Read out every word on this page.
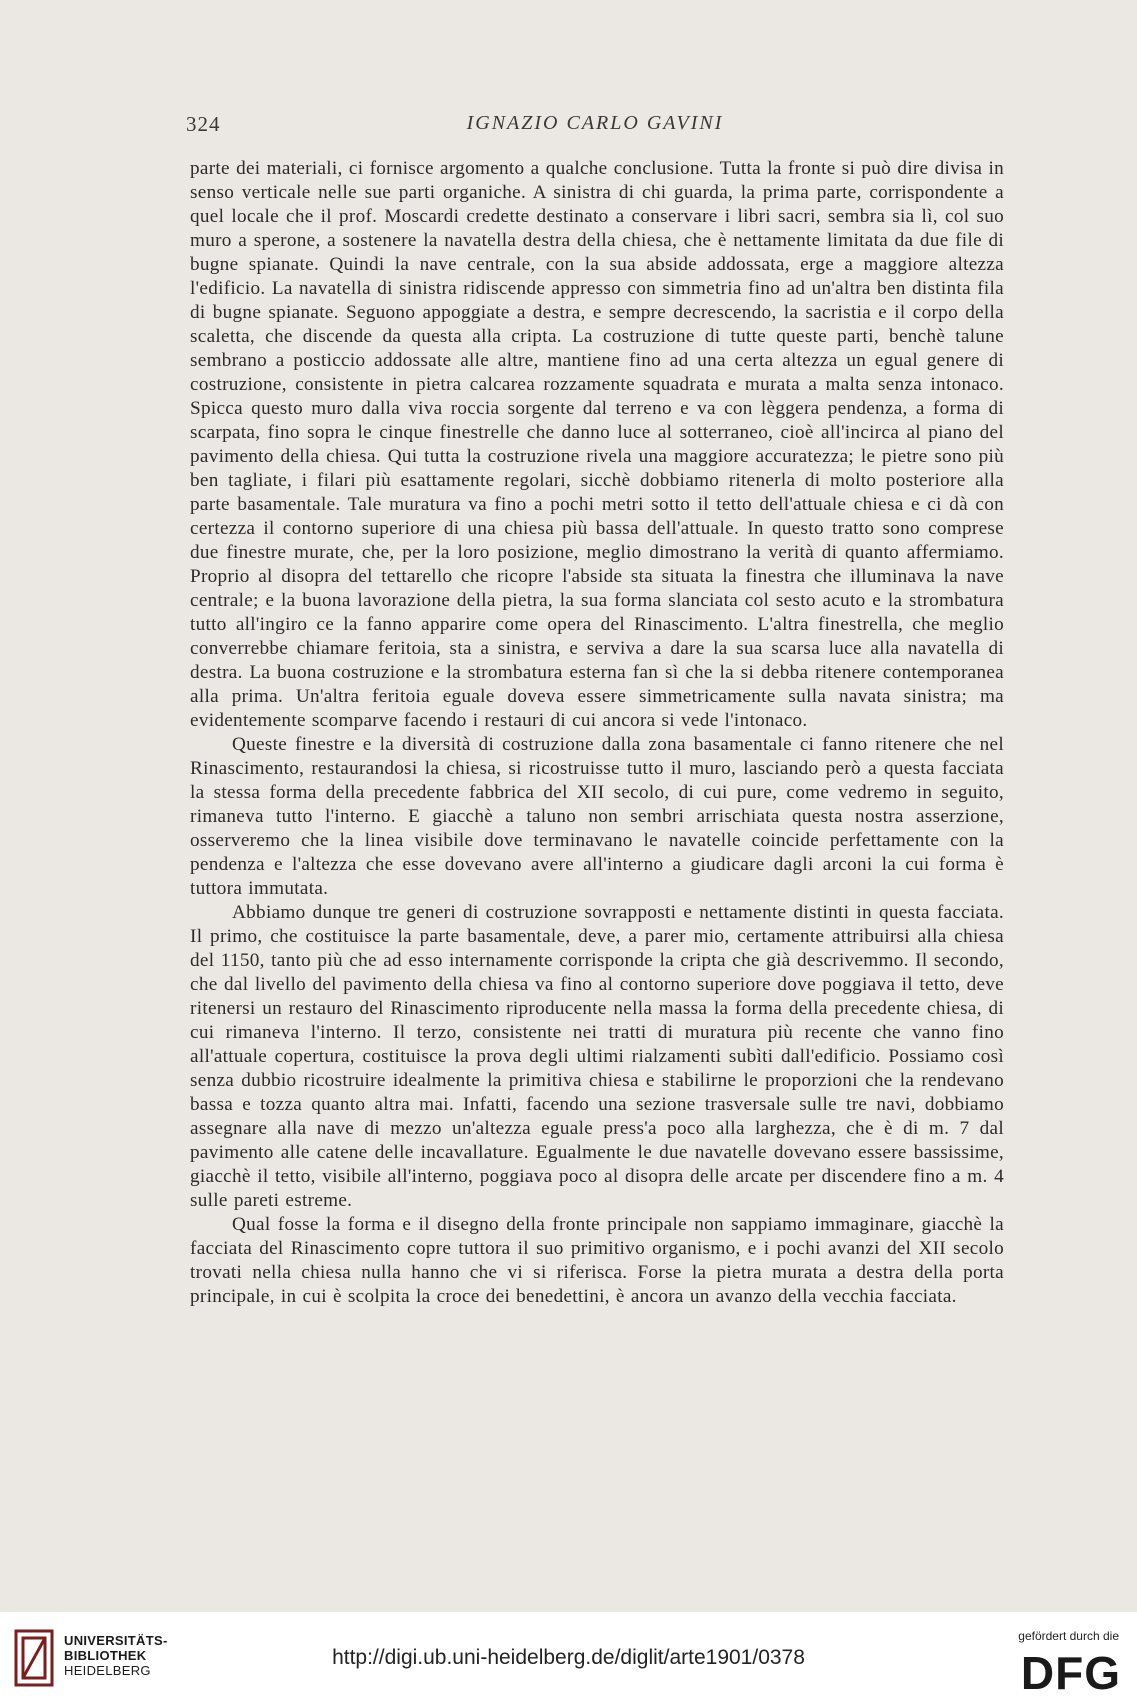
324	IGNAZIO CARLO GAVINI

parte dei materiali, ci fornisce argomento a qualche conclusione. Tutta la fronte si può dire divisa in senso verticale nelle sue parti organiche. A sinistra di chi guarda, la prima parte, corrispondente a quel locale che il prof. Moscardi credette destinato a conservare i libri sacri, sembra sia lì, col suo muro a sperone, a sostenere la navatella destra della chiesa, che è nettamente limitata da due file di bugne spianate. Quindi la nave centrale, con la sua abside addossata, erge a maggiore altezza l'edificio. La navatella di sinistra ridiscende appresso con simmetria fino ad un'altra ben distinta fila di bugne spianate. Seguono appoggiate a destra, e sempre decrescendo, la sacristia e il corpo della scaletta, che discende da questa alla cripta. La costruzione di tutte queste parti, benchè talune sembrano a posticcio addossate alle altre, mantiene fino ad una certa altezza un egual genere di costruzione, consistente in pietra calcarea rozzamente squadrata e murata a malta senza intonaco. Spicca questo muro dalla viva roccia sorgente dal terreno e va con lèggera pendenza, a forma di scarpata, fino sopra le cinque finestrelle che danno luce al sotterraneo, cioè all'incirca al piano del pavimento della chiesa. Qui tutta la costruzione rivela una maggiore accuratezza; le pietre sono più ben tagliate, i filari più esattamente regolari, sicchè dobbiamo ritenerla di molto posteriore alla parte basamentale. Tale muratura va fino a pochi metri sotto il tetto dell'attuale chiesa e ci dà con certezza il contorno superiore di una chiesa più bassa dell'attuale. In questo tratto sono comprese due finestre murate, che, per la loro posizione, meglio dimostrano la verità di quanto affermiamo. Proprio al disopra del tettarello che ricopre l'abside sta situata la finestra che illuminava la nave centrale; e la buona lavorazione della pietra, la sua forma slanciata col sesto acuto e la strombatura tutto all'ingiro ce la fanno apparire come opera del Rinascimento. L'altra finestrella, che meglio converrebbe chiamare feritoia, sta a sinistra, e serviva a dare la sua scarsa luce alla navatella di destra. La buona costruzione e la strombatura esterna fan sì che la si debba ritenere contemporanea alla prima. Un'altra feritoia eguale doveva essere simmetricamente sulla navata sinistra; ma evidentemente scomparve facendo i restauri di cui ancora si vede l'intonaco.

Queste finestre e la diversità di costruzione dalla zona basamentale ci fanno ritenere che nel Rinascimento, restaurandosi la chiesa, si ricostruisse tutto il muro, lasciando però a questa facciata la stessa forma della precedente fabbrica del XII secolo, di cui pure, come vedremo in seguito, rimaneva tutto l'interno. E giacchè a taluno non sembri arrischiata questa nostra asserzione, osserveremo che la linea visibile dove terminavano le navatelle coincide perfettamente con la pendenza e l'altezza che esse dovevano avere all'interno a giudicare dagli arconi la cui forma è tuttora immutata.

Abbiamo dunque tre generi di costruzione sovrapposti e nettamente distinti in questa facciata. Il primo, che costituisce la parte basamentale, deve, a parer mio, certamente attribuirsi alla chiesa del 1150, tanto più che ad esso internamente corrisponde la cripta che già descrivemmo. Il secondo, che dal livello del pavimento della chiesa va fino al contorno superiore dove poggiava il tetto, deve ritenersi un restauro del Rinascimento riproducente nella massa la forma della precedente chiesa, di cui rimaneva l'interno. Il terzo, consistente nei tratti di muratura più recente che vanno fino all'attuale copertura, costituisce la prova degli ultimi rialzamenti subìti dall'edificio. Possiamo così senza dubbio ricostruire idealmente la primitiva chiesa e stabilirne le proporzioni che la rendevano bassa e tozza quanto altra mai. Infatti, facendo una sezione trasversale sulle tre navi, dobbiamo assegnare alla nave di mezzo un'altezza eguale press'a poco alla larghezza, che è di m. 7 dal pavimento alle catene delle incavallature. Egualmente le due navatelle dovevano essere bassissime, giacchè il tetto, visibile all'interno, poggiava poco al disopra delle arcate per discendere fino a m. 4 sulle pareti estreme.

Qual fosse la forma e il disegno della fronte principale non sappiamo immaginare, giacchè la facciata del Rinascimento copre tuttora il suo primitivo organismo, e i pochi avanzi del XII secolo trovati nella chiesa nulla hanno che vi si riferisca. Forse la pietra murata a destra della porta principale, in cui è scolpita la croce dei benedettini, è ancora un avanzo della vecchia facciata.

UNIVERSITÄTS-
BIBLIOTHEK
HEIDELBERG
http://digi.ub.uni-heidelberg.de/diglit/arte1901/0378
gefördert durch die
DFG
